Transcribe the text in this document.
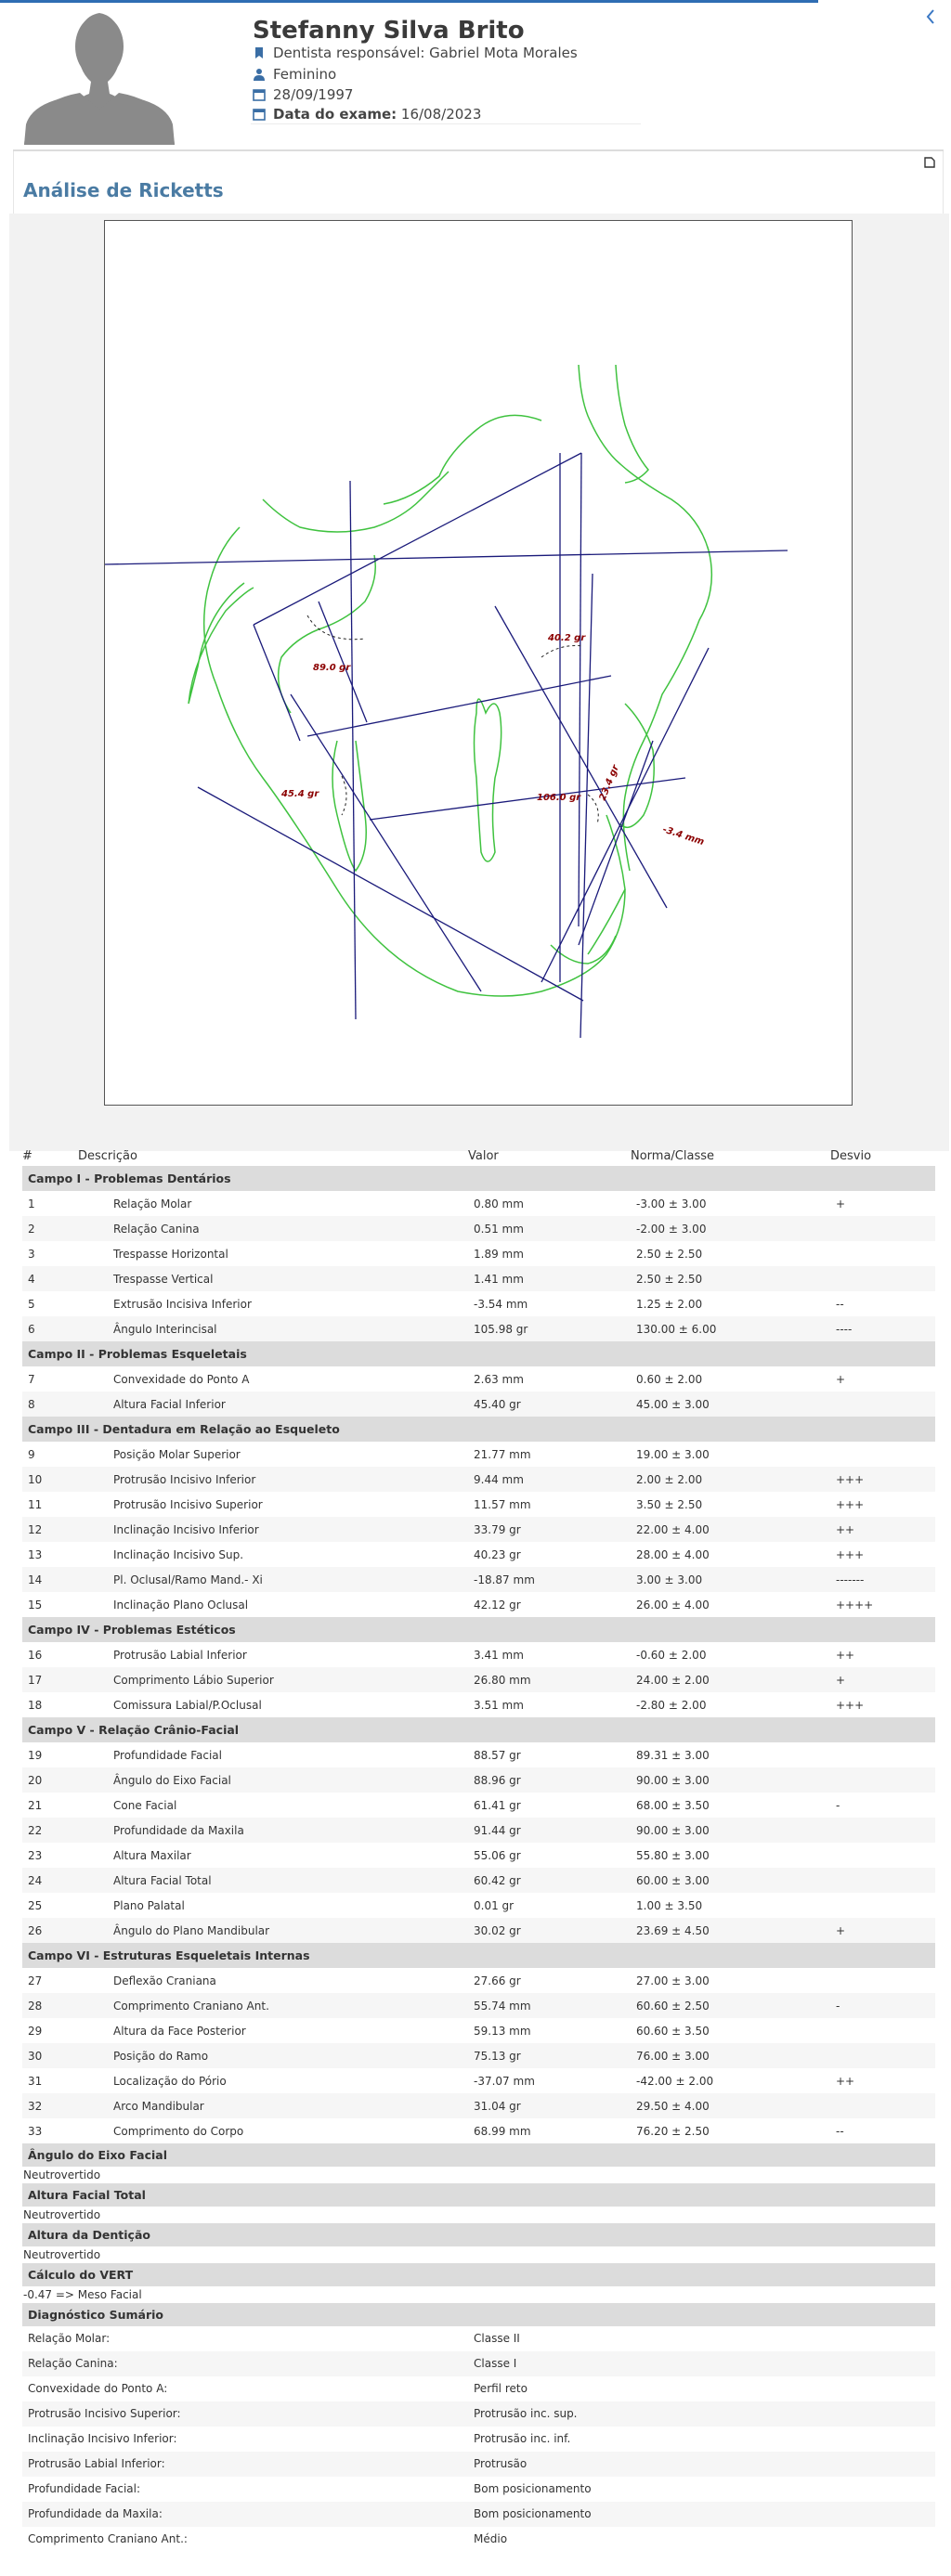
Stefanny Silva Brito
Dentista responsável: Gabriel Mota Morales
Feminino
28/09/1997
Data do exame: 16/08/2023
Análise de Ricketts
89.0 gr
40.2 gr
45.4 gr	106.0 gr 23.4 gr
-3.4 mm
#	Descrição	Valor	Norma/Classe	Desvio
Campo I - Problemas Dentários				
1	Relação Molar	0.80 mm	-3.00 ± 3.00	+
2	Relação Canina	0.51 mm	-2.00 ± 3.00	
3	Trespasse Horizontal	1.89 mm	2.50 ± 2.50	
4	Trespasse Vertical	1.41 mm	2.50 ± 2.50	
5	Extrusão Incisiva Inferior	-3.54 mm	1.25 ± 2.00	--
6	Ângulo Interincisal	105.98 gr	130.00 ± 6.00	----
Campo II - Problemas Esqueletais				
7	Convexidade do Ponto A	2.63 mm	0.60 ± 2.00	+
8	Altura Facial Inferior	45.40 gr	45.00 ± 3.00	
Campo III - Dentadura em Relação ao Esqueleto				
9	Posição Molar Superior	21.77 mm	19.00 ± 3.00	
10	Protrusão Incisivo Inferior	9.44 mm	2.00 ± 2.00	+++
11	Protrusão Incisivo Superior	11.57 mm	3.50 ± 2.50	+++
12	Inclinação Incisivo Inferior	33.79 gr	22.00 ± 4.00	++
13	Inclinação Incisivo Sup.	40.23 gr	28.00 ± 4.00	+++
14	Pl. Oclusal/Ramo Mand.- Xi	-18.87 mm	3.00 ± 3.00	-------
15	Inclinação Plano Oclusal	42.12 gr	26.00 ± 4.00	++++
Campo IV - Problemas Estéticos				
16	Protrusão Labial Inferior	3.41 mm	-0.60 ± 2.00	++
17	Comprimento Lábio Superior	26.80 mm	24.00 ± 2.00	+
18	Comissura Labial/P.Oclusal	3.51 mm	-2.80 ± 2.00	+++
Campo V - Relação Crânio-Facial				
19	Profundidade Facial	88.57 gr	89.31 ± 3.00	
20	Ângulo do Eixo Facial	88.96 gr	90.00 ± 3.00	
21	Cone Facial	61.41 gr	68.00 ± 3.50	-
22	Profundidade da Maxila	91.44 gr	90.00 ± 3.00	
23	Altura Maxilar	55.06 gr	55.80 ± 3.00	
24	Altura Facial Total	60.42 gr	60.00 ± 3.00	
25	Plano Palatal	0.01 gr	1.00 ± 3.50	
26	Ângulo do Plano Mandibular	30.02 gr	23.69 ± 4.50	+
Campo VI - Estruturas Esqueletais Internas				
27	Deflexão Craniana	27.66 gr	27.00 ± 3.00	
28	Comprimento Craniano Ant.	55.74 mm	60.60 ± 2.50	-
29	Altura da Face Posterior	59.13 mm	60.60 ± 3.50	
30	Posição do Ramo	75.13 gr	76.00 ± 3.00	
31	Localização do Pório	-37.07 mm	-42.00 ± 2.00	++
32	Arco Mandibular	31.04 gr	29.50 ± 4.00	
33	Comprimento do Corpo	68.99 mm	76.20 ± 2.50	--
Ângulo do Eixo Facial
Neutrovertido
Altura Facial Total
Neutrovertido
Altura da Dentição
Neutrovertido
Cálculo do VERT
-0.47 => Meso Facial
Diagnóstico Sumário
Relação Molar:	Classe II
Relação Canina:	Classe I
Convexidade do Ponto A:	Perfil reto
Protrusão Incisivo Superior:	Protrusão inc. sup.
Inclinação Incisivo Inferior:	Protrusão inc. inf.
Protrusão Labial Inferior:	Protrusão
Profundidade Facial:	Bom posicionamento
Profundidade da Maxila:	Bom posicionamento
Comprimento Craniano Ant.:	Médio
